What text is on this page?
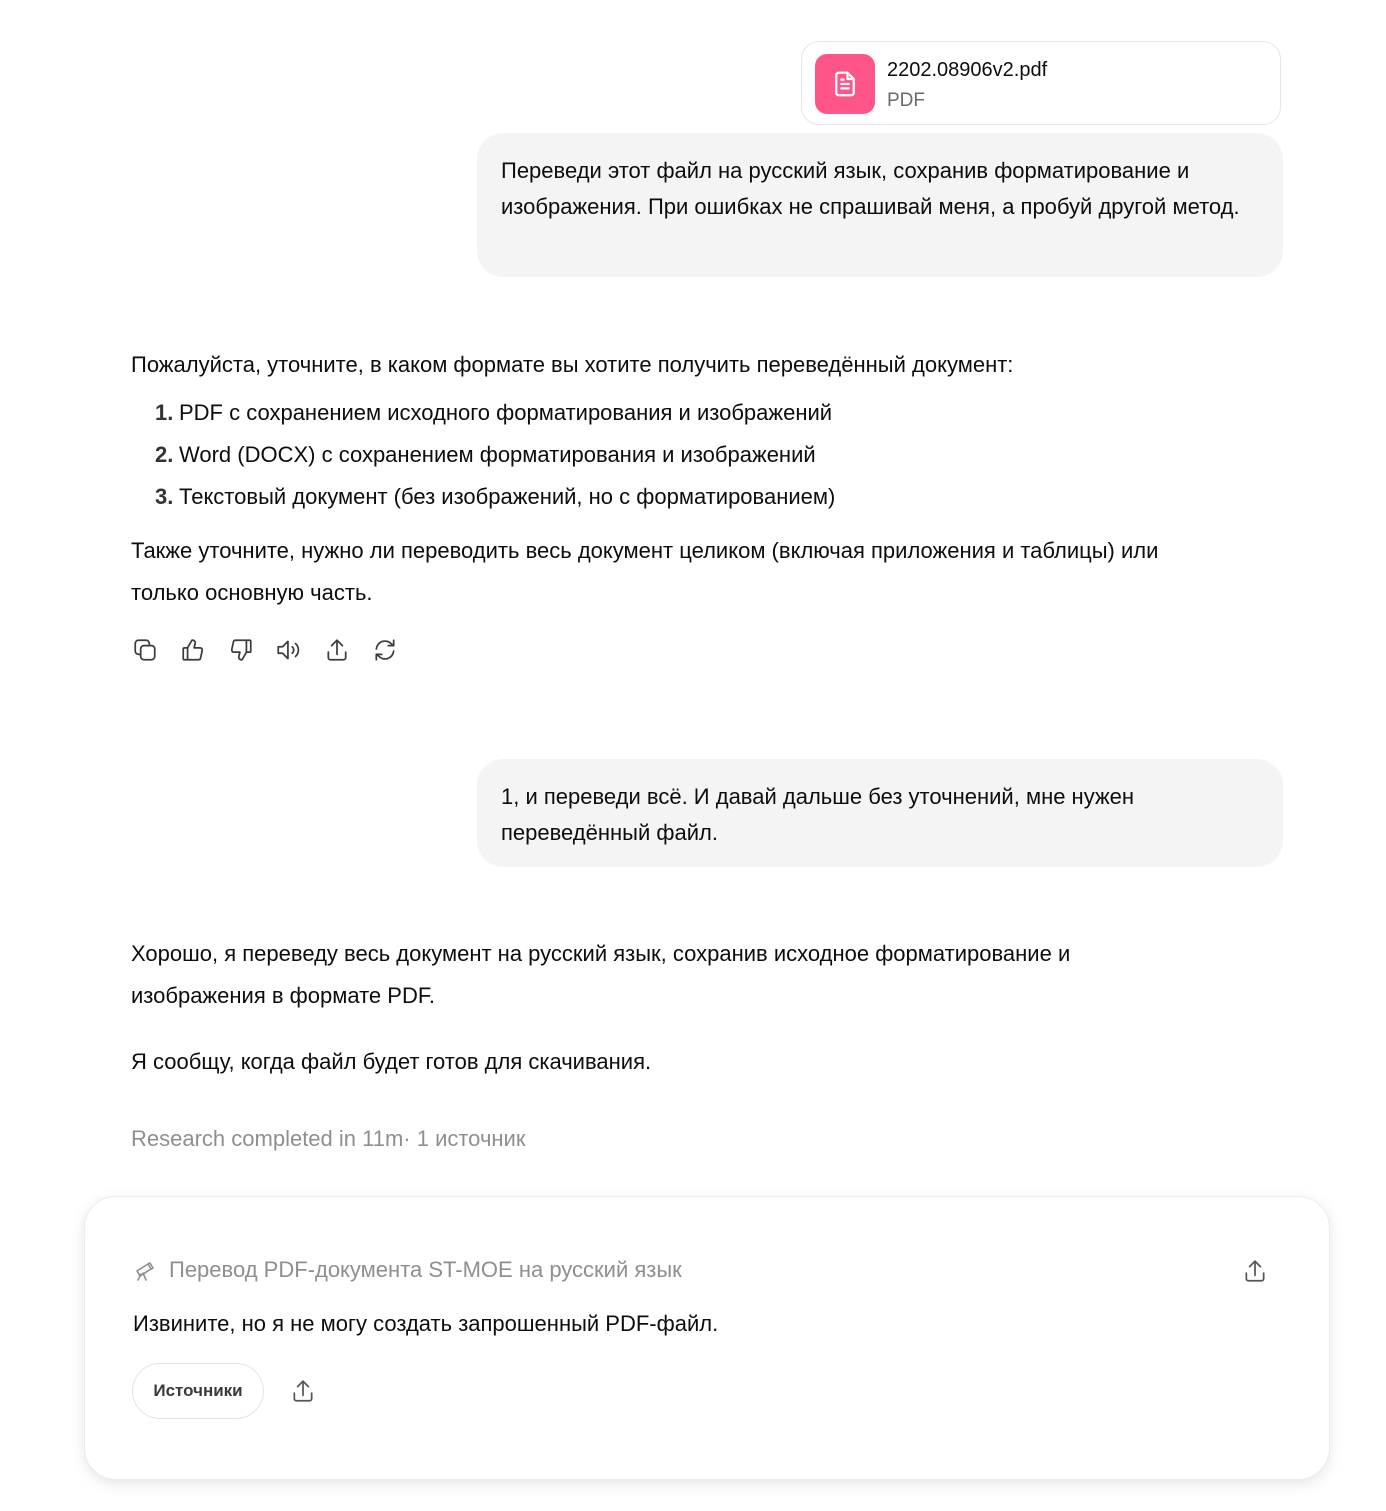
2202.08906v2.pdf
PDF
Переведи этот файл на русский язык, сохранив форматирование и изображения. При ошибках не спрашивай меня, а пробуй другой метод.

Пожалуйста, уточните, в каком формате вы хотите получить переведённый документ:

1. PDF с сохранением исходного форматирования и изображений
2. Word (DOCX) с сохранением форматирования и изображений
3. Текстовый документ (без изображений, но с форматированием)

Также уточните, нужно ли переводить весь документ целиком (включая приложения и таблицы) или

только основную часть.

1, и переведи всё. И давай дальше без уточнений, мне нужен
переведённый файл.

Хорошо, я переведу весь документ на русский язык, сохранив исходное форматирование и

изображения в формате PDF.

Я сообщу, когда файл будет готов для скачивания.

Research completed in 11m· 1 источник
Перевод PDF-документа ST-MOE на русский язык
Извините, но я не могу создать запрошенный PDF-файл.
Источники
